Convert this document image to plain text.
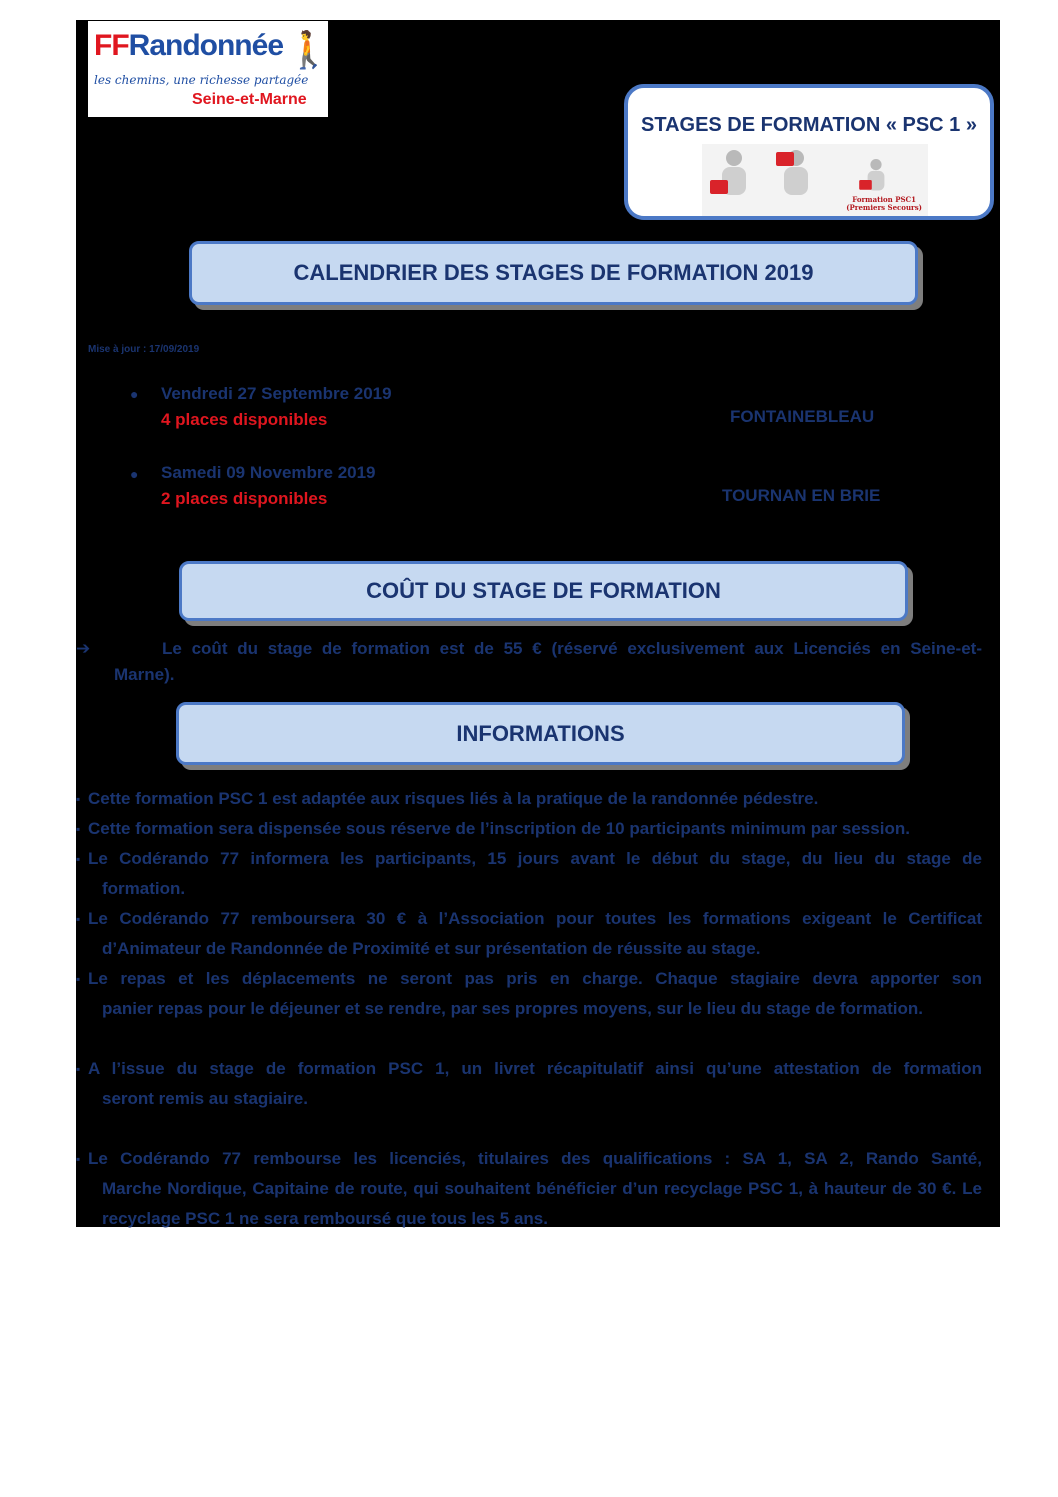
FFRandonnée 🚶
les chemins, une richesse partagée
Seine-et-Marne
STAGES DE FORMATION « PSC 1 »
Formation PSC1
(Premiers Secours)
CALENDRIER DES STAGES DE FORMATION 2019
Mise à jour : 17/09/2019
● Vendredi 27 Septembre 2019
4 places disponibles	FONTAINEBLEAU
● Samedi 09 Novembre 2019
2 places disponibles	TOURNAN EN BRIE
COÛT DU STAGE DE FORMATION
➔	Le coût du stage de formation est de 55 € (réservé exclusivement aux Licenciés en Seine-et-
Marne).
INFORMATIONS
▪ Cette formation PSC 1 est adaptée aux risques liés à la pratique de la randonnée pédestre.
▪ Cette formation sera dispensée sous réserve de l’inscription de 10 participants minimum par session.
▪ Le Codérando 77 informera les participants, 15 jours avant le début du stage, du lieu du stage de
formation.
▪ Le Codérando 77 remboursera 30 € à l’Association pour toutes les formations exigeant le Certificat
d’Animateur de Randonnée de Proximité et sur présentation de réussite au stage.
▪ Le repas et les déplacements ne seront pas pris en charge. Chaque stagiaire devra apporter son
panier repas pour le déjeuner et se rendre, par ses propres moyens, sur le lieu du stage de formation.
▪ A l’issue du stage de formation PSC 1, un livret récapitulatif ainsi qu’une attestation de formation
seront remis au stagiaire.
▪ Le Codérando 77 rembourse les licenciés, titulaires des qualifications : SA 1, SA 2, Rando Santé,
Marche Nordique, Capitaine de route, qui souhaitent bénéficier d’un recyclage PSC 1, à hauteur de 30 €. Le recyclage PSC 1 ne sera remboursé que tous les 5 ans.
